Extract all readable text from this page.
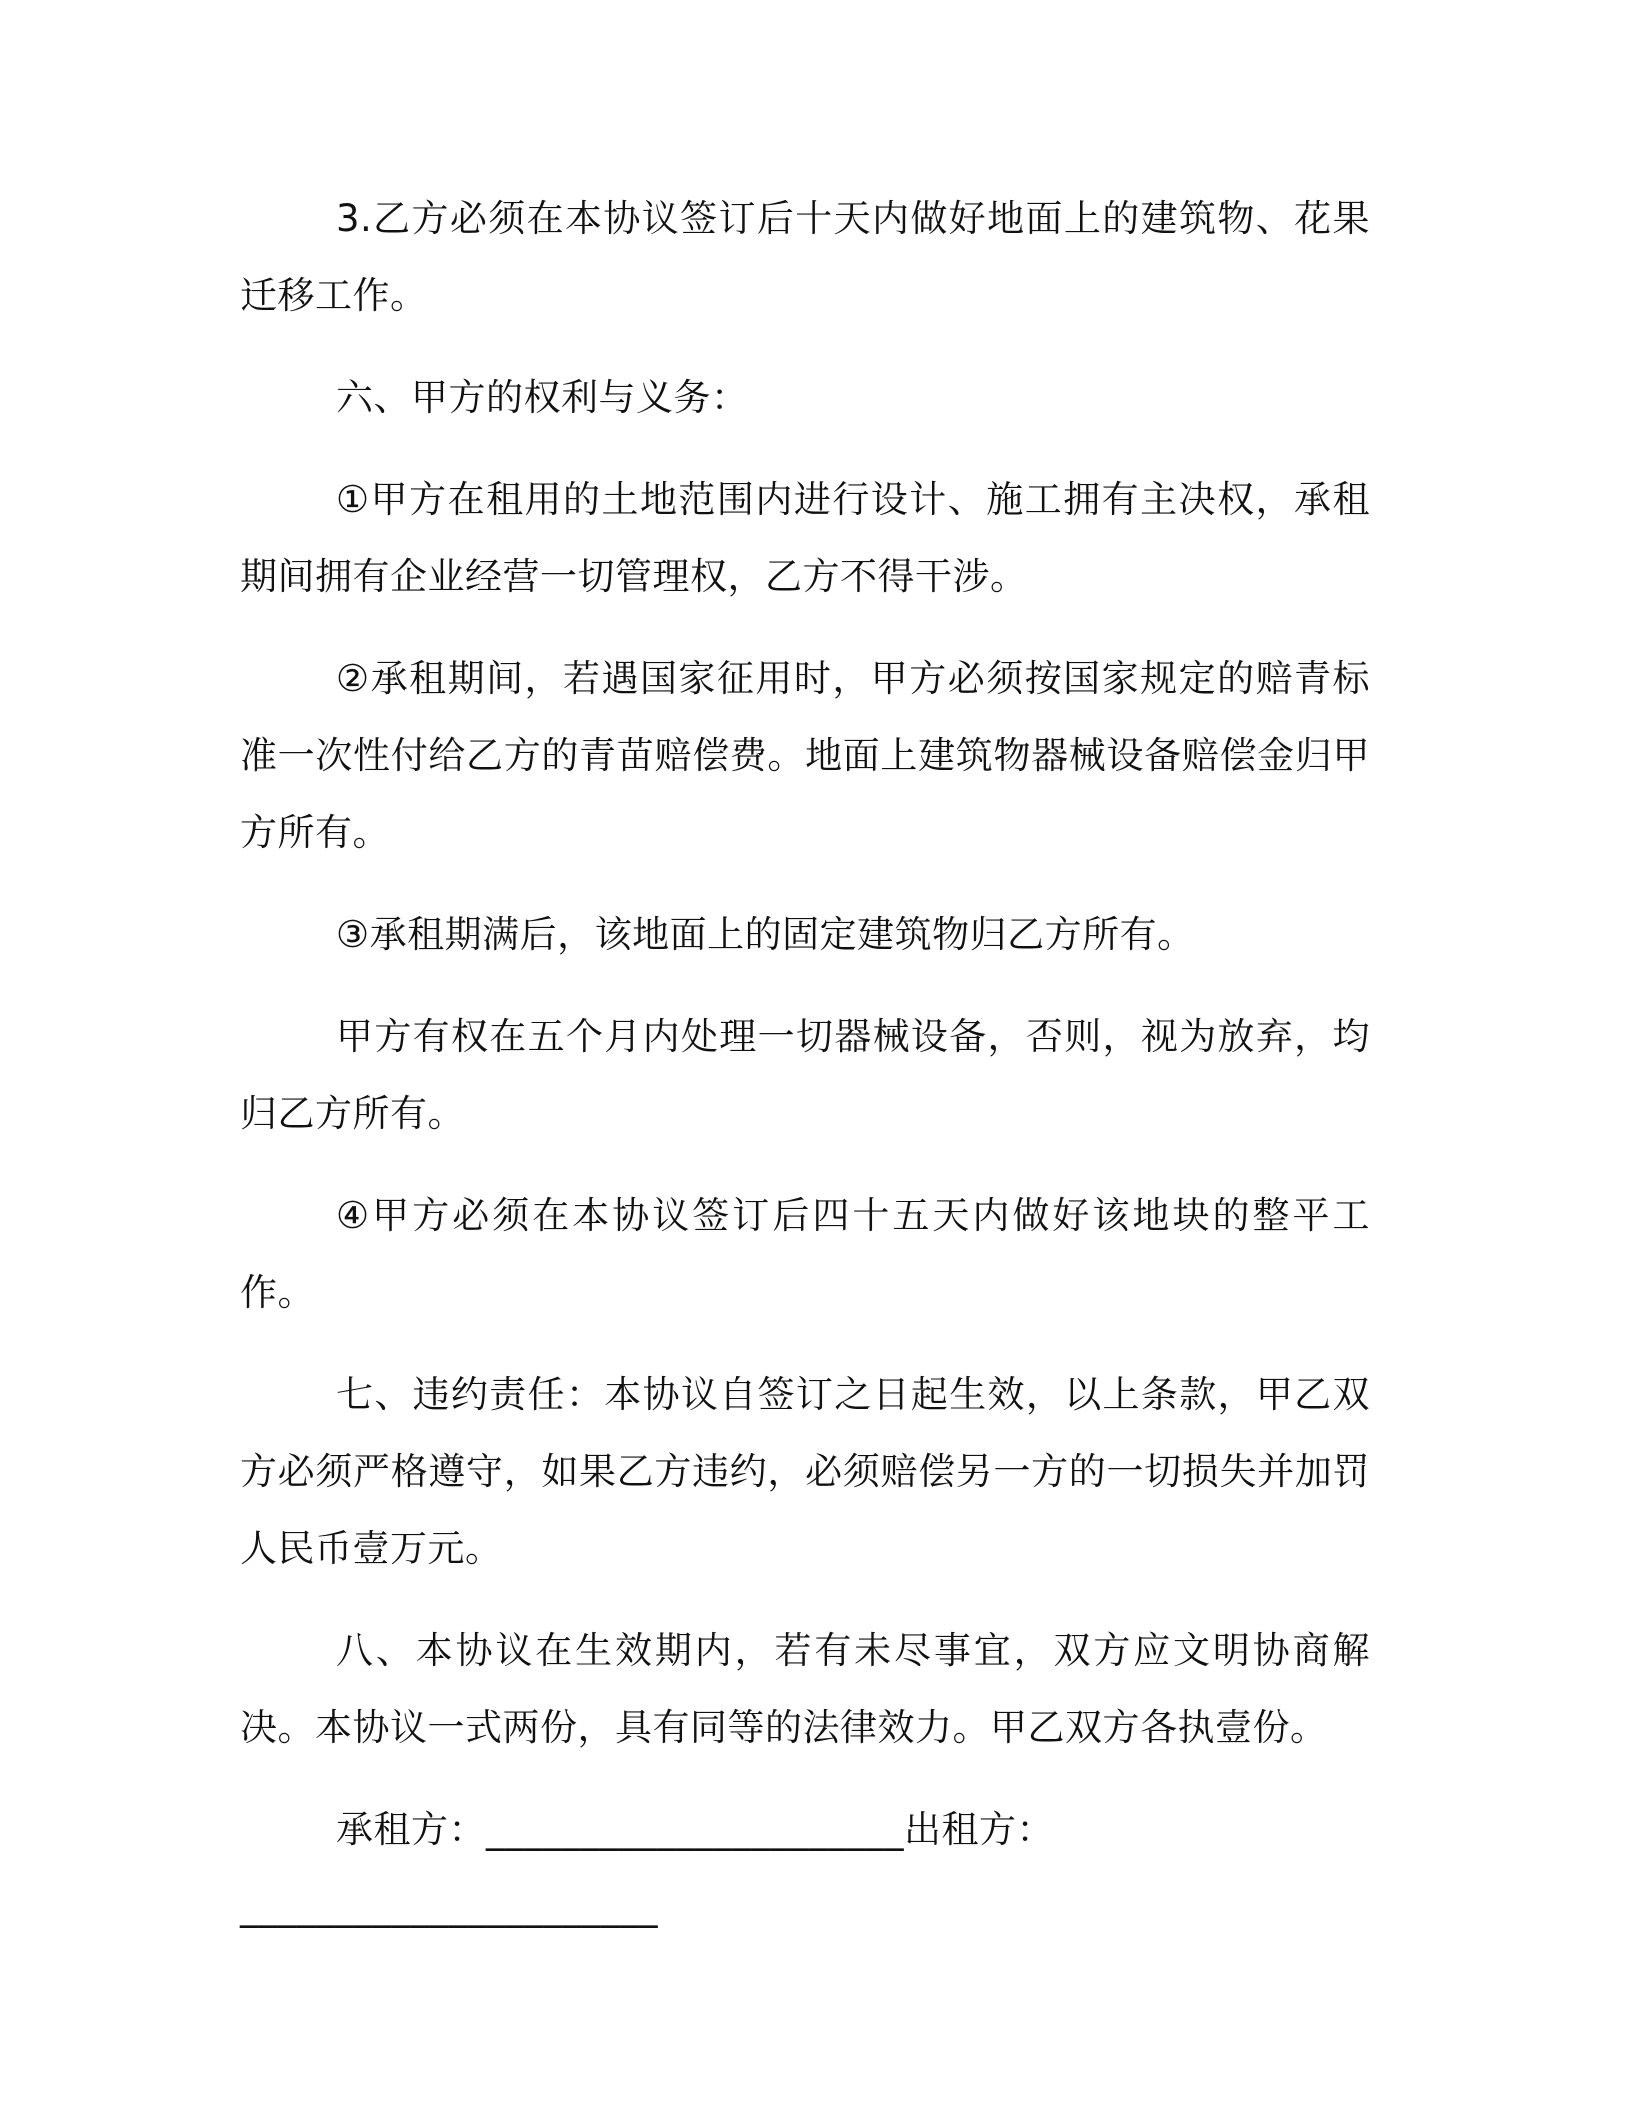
3.乙方必须在本协议签订后十天内做好地面上的建筑物、花果迁移工作。

六、甲方的权利与义务：

①甲方在租用的土地范围内进行设计、施工拥有主决权，承租期间拥有企业经营一切管理权，乙方不得干涉。

②承租期间，若遇国家征用时，甲方必须按国家规定的赔青标准一次性付给乙方的青苗赔偿费。地面上建筑物器械设备赔偿金归甲方所有。

③承租期满后，该地面上的固定建筑物归乙方所有。

甲方有权在五个月内处理一切器械设备，否则，视为放弃，均归乙方所有。

④甲方必须在本协议签订后四十五天内做好该地块的整平工作。

七、违约责任：本协议自签订之日起生效，以上条款，甲乙双方必须严格遵守，如果乙方违约，必须赔偿另一方的一切损失并加罚人民币壹万元。

八、本协议在生效期内，若有未尽事宜，双方应文明协商解决。本协议一式两份，具有同等的法律效力。甲乙双方各执壹份。

承租方：______________________出租方：

______________________
